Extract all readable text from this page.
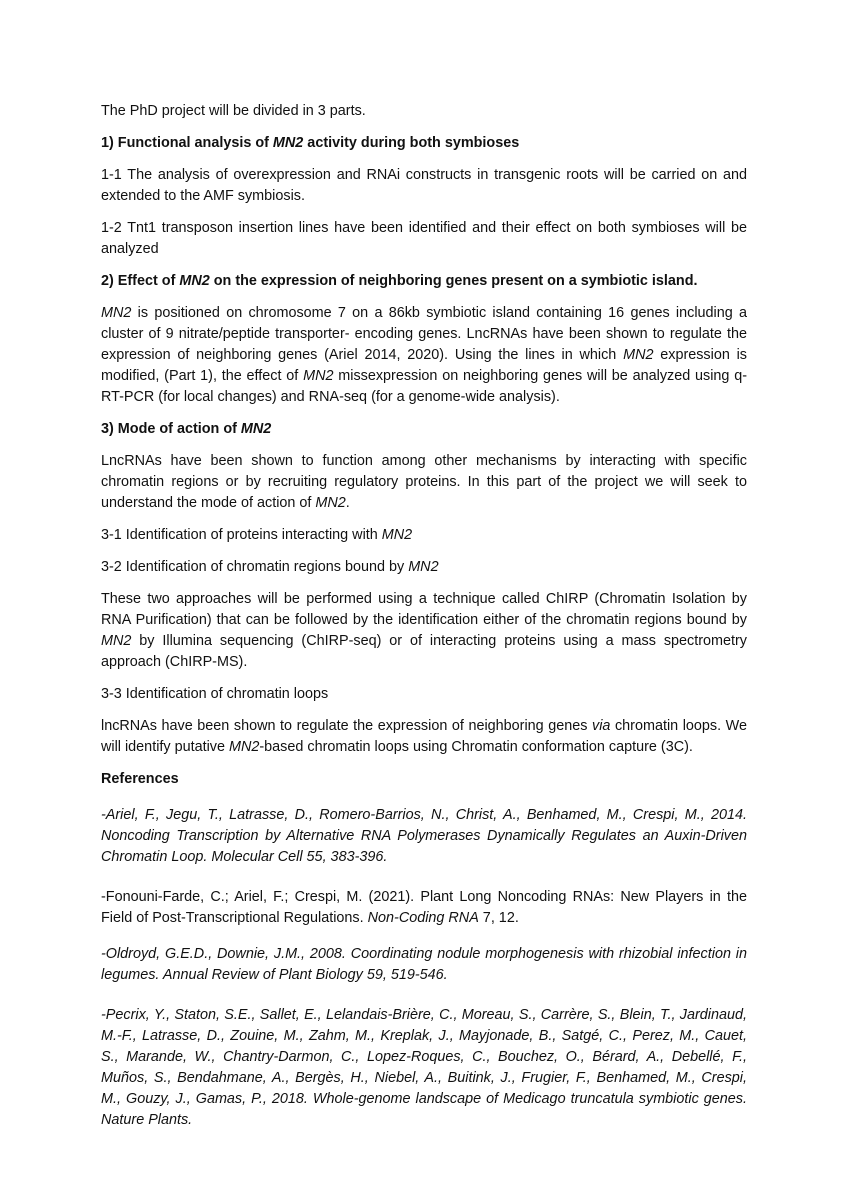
The PhD project will be divided in 3 parts.

1) Functional analysis of MN2 activity during both symbioses

1-1 The analysis of overexpression and RNAi constructs in transgenic roots will be carried on and extended to the AMF symbiosis.

1-2 Tnt1 transposon insertion lines have been identified and their effect on both symbioses will be analyzed

2) Effect of MN2 on the expression of neighboring genes present on a symbiotic island.

MN2 is positioned on chromosome 7 on a 86kb symbiotic island containing 16 genes including a cluster of 9 nitrate/peptide transporter- encoding genes. LncRNAs have been shown to regulate the expression of neighboring genes (Ariel 2014, 2020). Using the lines in which MN2 expression is modified, (Part 1), the effect of MN2 missexpression on neighboring genes will be analyzed using q-RT-PCR (for local changes) and RNA-seq (for a genome-wide analysis).

3) Mode of action of MN2

LncRNAs have been shown to function among other mechanisms by interacting with specific chromatin regions or by recruiting regulatory proteins. In this part of the project we will seek to understand the mode of action of MN2.

3-1 Identification of proteins interacting with MN2

3-2 Identification of chromatin regions bound by MN2

These two approaches will be performed using a technique called ChIRP (Chromatin Isolation by RNA Purification) that can be followed by the identification either of the chromatin regions bound by MN2 by Illumina sequencing (ChIRP-seq) or of interacting proteins using a mass spectrometry approach (ChIRP-MS).

3-3 Identification of chromatin loops

lncRNAs have been shown to regulate the expression of neighboring genes via chromatin loops. We will identify putative MN2-based chromatin loops using Chromatin conformation capture (3C).

References

-Ariel, F., Jegu, T., Latrasse, D., Romero-Barrios, N., Christ, A., Benhamed, M., Crespi, M., 2014. Noncoding Transcription by Alternative RNA Polymerases Dynamically Regulates an Auxin-Driven Chromatin Loop. Molecular Cell 55, 383-396.

-Fonouni-Farde, C.; Ariel, F.; Crespi, M. (2021). Plant Long Noncoding RNAs: New Players in the Field of Post-Transcriptional Regulations. Non-Coding RNA 7, 12.

-Oldroyd, G.E.D., Downie, J.M., 2008. Coordinating nodule morphogenesis with rhizobial infection in legumes. Annual Review of Plant Biology 59, 519-546.

-Pecrix, Y., Staton, S.E., Sallet, E., Lelandais-Brière, C., Moreau, S., Carrère, S., Blein, T., Jardinaud, M.-F., Latrasse, D., Zouine, M., Zahm, M., Kreplak, J., Mayjonade, B., Satgé, C., Perez, M., Cauet, S., Marande, W., Chantry-Darmon, C., Lopez-Roques, C., Bouchez, O., Bérard, A., Debellé, F., Muños, S., Bendahmane, A., Bergès, H., Niebel, A., Buitink, J., Frugier, F., Benhamed, M., Crespi, M., Gouzy, J., Gamas, P., 2018. Whole-genome landscape of Medicago truncatula symbiotic genes. Nature Plants.
